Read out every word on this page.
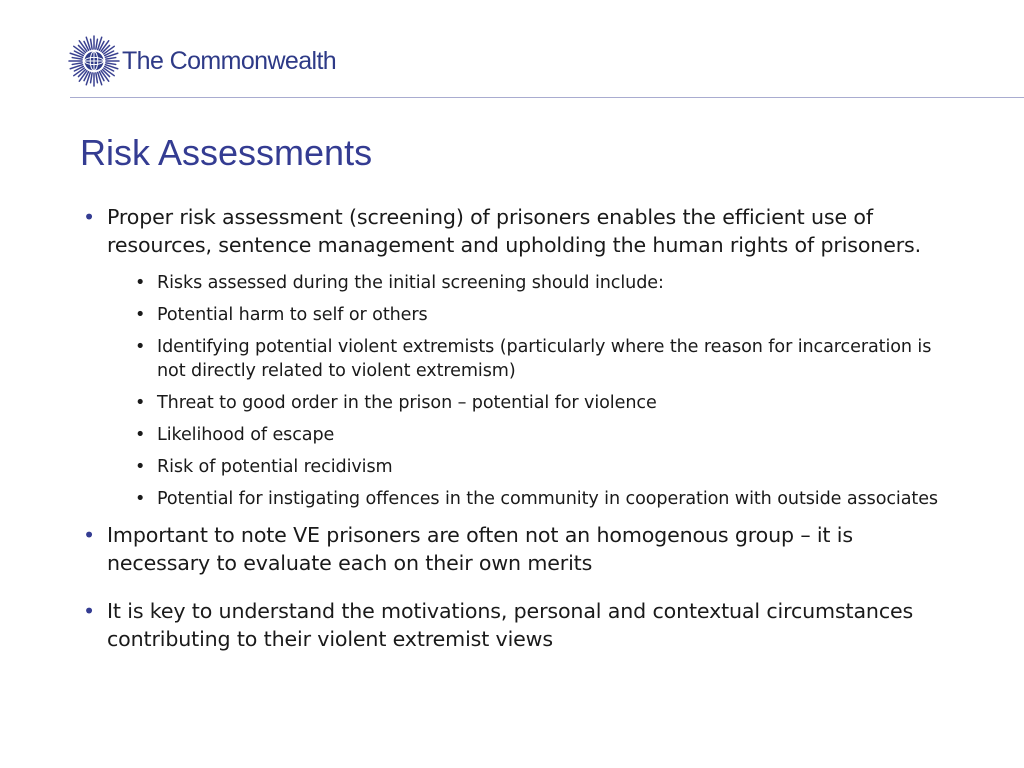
The Commonwealth
Risk Assessments
• Proper risk assessment (screening) of prisoners enables the efficient use of resources, sentence management and upholding the human rights of prisoners.
• Risks assessed during the initial screening should include:
• Potential harm to self or others
• Identifying potential violent extremists (particularly where the reason for incarceration is not directly related to violent extremism)
• Threat to good order in the prison – potential for violence
• Likelihood of escape
• Risk of potential recidivism
• Potential for instigating offences in the community in cooperation with outside associates
• Important to note VE prisoners are often not an homogenous group – it is necessary to evaluate each on their own merits
• It is key to understand the motivations, personal and contextual circumstances contributing to their violent extremist views
